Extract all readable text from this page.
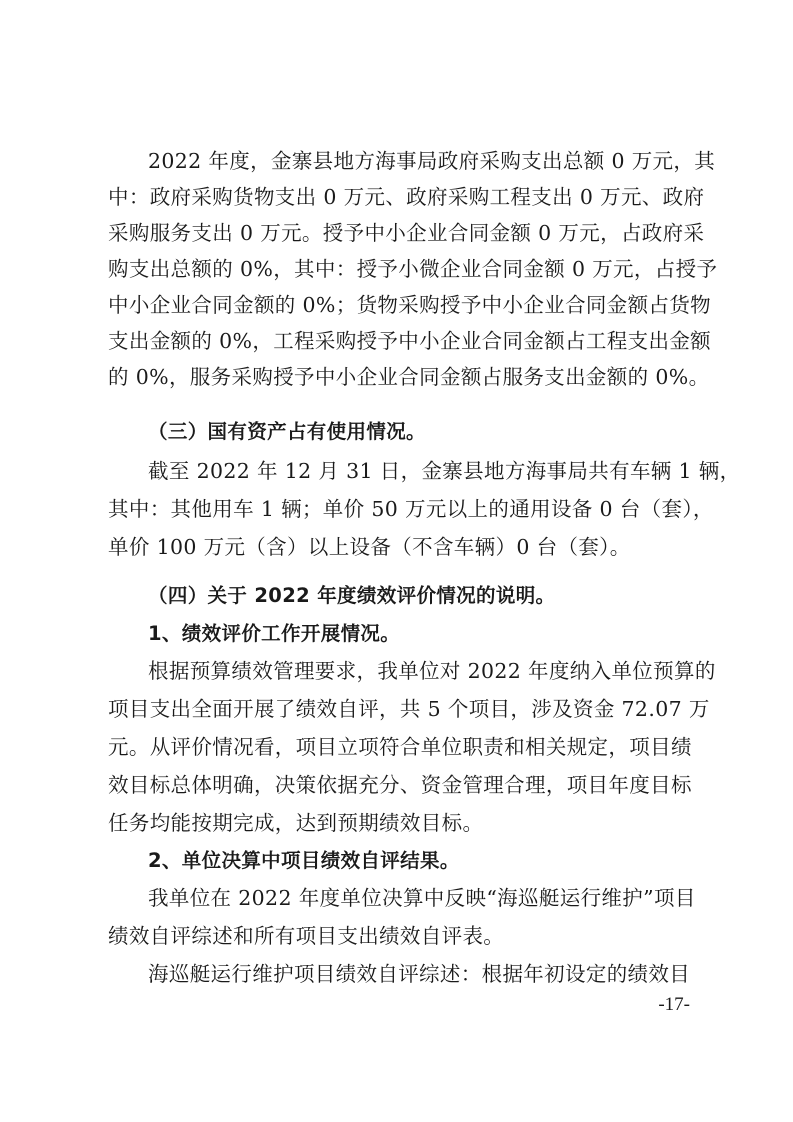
2022 年度，金寨县地方海事局政府采购支出总额 0 万元，其
中：政府采购货物支出 0 万元、政府采购工程支出 0 万元、政府
采购服务支出 0 万元。授予中小企业合同金额 0 万元，占政府采
购支出总额的 0%，其中：授予小微企业合同金额 0 万元，占授予
中小企业合同金额的 0%；货物采购授予中小企业合同金额占货物
支出金额的 0%，工程采购授予中小企业合同金额占工程支出金额
的 0%，服务采购授予中小企业合同金额占服务支出金额的 0%。
（三）国有资产占有使用情况。
截至 2022 年 12 月 31 日，金寨县地方海事局共有车辆 1 辆，
其中：其他用车 1 辆；单价 50 万元以上的通用设备 0 台（套），
单价 100 万元（含）以上设备（不含车辆）0 台（套）。
（四）关于 2022 年度绩效评价情况的说明。
1、绩效评价工作开展情况。
根据预算绩效管理要求，我单位对 2022 年度纳入单位预算的
项目支出全面开展了绩效自评，共 5 个项目，涉及资金 72.07 万
元。从评价情况看，项目立项符合单位职责和相关规定，项目绩
效目标总体明确，决策依据充分、资金管理合理，项目年度目标
任务均能按期完成，达到预期绩效目标。
2、单位决算中项目绩效自评结果。
我单位在 2022 年度单位决算中反映“海巡艇运行维护”项目
绩效自评综述和所有项目支出绩效自评表。
海巡艇运行维护项目绩效自评综述：根据年初设定的绩效目
-17-
